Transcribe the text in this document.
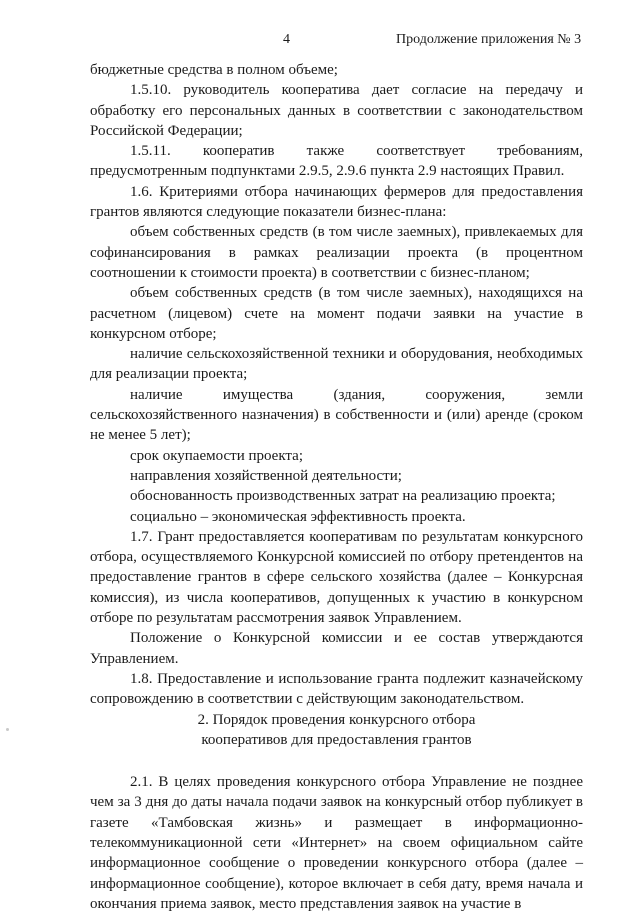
4	Продолжение приложения № 3

бюджетные средства в полном объеме;

1.5.10. руководитель кооператива дает согласие на передачу и обработку его персональных данных в соответствии с законодательством Российской Федерации;

1.5.11. кооператив также соответствует требованиям, предусмотренным подпунктами 2.9.5, 2.9.6 пункта 2.9 настоящих Правил.

1.6. Критериями отбора начинающих фермеров для предоставления грантов являются следующие показатели бизнес-плана:

объем собственных средств (в том числе заемных), привлекаемых для софинансирования в рамках реализации проекта (в процентном соотношении к стоимости проекта) в соответствии с бизнес-планом;

объем собственных средств (в том числе заемных), находящихся на расчетном (лицевом) счете на момент подачи заявки на участие в конкурсном отборе;

наличие сельскохозяйственной техники и оборудования, необходимых для реализации проекта;

наличие имущества (здания, сооружения, земли сельскохозяйственного назначения) в собственности и (или) аренде (сроком не менее 5 лет);

срок окупаемости проекта;

направления хозяйственной деятельности;

обоснованность производственных затрат на реализацию проекта;

социально – экономическая эффективность проекта.

1.7. Грант предоставляется кооперативам по результатам конкурсного отбора, осуществляемого Конкурсной комиссией по отбору претендентов на предоставление грантов в сфере сельского хозяйства (далее – Конкурсная комиссия), из числа кооперативов, допущенных к участию в конкурсном отборе по результатам рассмотрения заявок Управлением.

Положение о Конкурсной комиссии и ее состав утверждаются Управлением.

1.8. Предоставление и использование гранта подлежит казначейскому сопровождению в соответствии с действующим законодательством.

2. Порядок проведения конкурсного отбора

кооперативов для предоставления грантов

2.1. В целях проведения конкурсного отбора Управление не позднее чем за 3 дня до даты начала подачи заявок на конкурсный отбор публикует в газете «Тамбовская жизнь» и размещает в информационно-телекоммуникационной сети «Интернет» на своем официальном сайте информационное сообщение о проведении конкурсного отбора (далее – информационное сообщение), которое включает в себя дату, время начала и окончания приема заявок, место представления заявок на участие в
